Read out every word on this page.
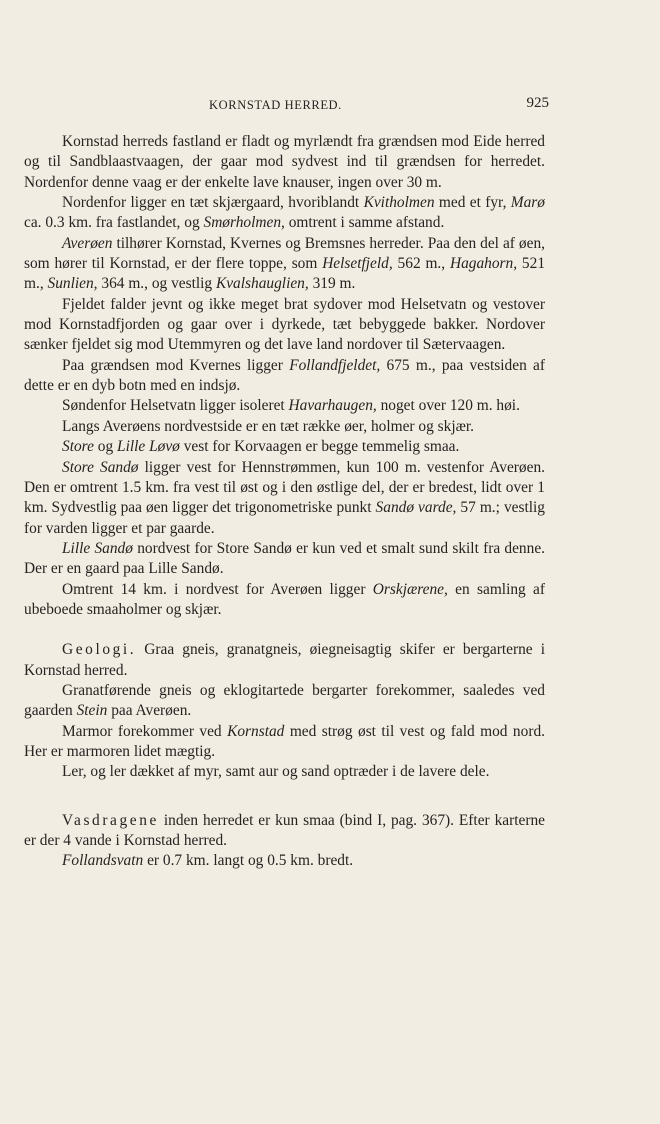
KORNSTAD HERRED.	925

Kornstad herreds fastland er fladt og myrlændt fra grændsen mod Eide herred og til Sandblaastvaagen, der gaar mod sydvest ind til grændsen for herredet. Nordenfor denne vaag er der enkelte lave knauser, ingen over 30 m.

Nordenfor ligger en tæt skjærgaard, hvoriblandt Kvitholmen med et fyr, Marø ca. 0.3 km. fra fastlandet, og Smørholmen, omtrent i samme afstand.

Averøen tilhører Kornstad, Kvernes og Bremsnes herreder. Paa den del af øen, som hører til Kornstad, er der flere toppe, som Helsetfjeld, 562 m., Hagahorn, 521 m., Sunlien, 364 m., og vestlig Kvalshauglien, 319 m.

Fjeldet falder jevnt og ikke meget brat sydover mod Helsetvatn og vestover mod Kornstadfjorden og gaar over i dyrkede, tæt bebyggede bakker. Nordover sænker fjeldet sig mod Utemmyren og det lave land nordover til Sætervaagen.

Paa grændsen mod Kvernes ligger Follandfjeldet, 675 m., paa vestsiden af dette er en dyb botn med en indsjø.

Søndenfor Helsetvatn ligger isoleret Havarhaugen, noget over 120 m. høi.

Langs Averøens nordvestside er en tæt række øer, holmer og skjær.

Store og Lille Løvø vest for Korvaagen er begge temmelig smaa.

Store Sandø ligger vest for Hennstrømmen, kun 100 m. vestenfor Averøen. Den er omtrent 1.5 km. fra vest til øst og i den østlige del, der er bredest, lidt over 1 km. Sydvestlig paa øen ligger det trigonometriske punkt Sandø varde, 57 m.; vestlig for varden ligger et par gaarde.

Lille Sandø nordvest for Store Sandø er kun ved et smalt sund skilt fra denne. Der er en gaard paa Lille Sandø.

Omtrent 14 km. i nordvest for Averøen ligger Orskjærene, en samling af ubeboede smaaholmer og skjær.

Geologi. Graa gneis, granatgneis, øiegneisagtig skifer er bergarterne i Kornstad herred.

Granatførende gneis og eklogitartede bergarter forekommer, saaledes ved gaarden Stein paa Averøen.

Marmor forekommer ved Kornstad med strøg øst til vest og fald mod nord. Her er marmoren lidet mægtig.

Ler, og ler dækket af myr, samt aur og sand optræder i de lavere dele.

Vasdragene inden herredet er kun smaa (bind I, pag. 367). Efter karterne er der 4 vande i Kornstad herred.

Follandsvatn er 0.7 km. langt og 0.5 km. bredt.
